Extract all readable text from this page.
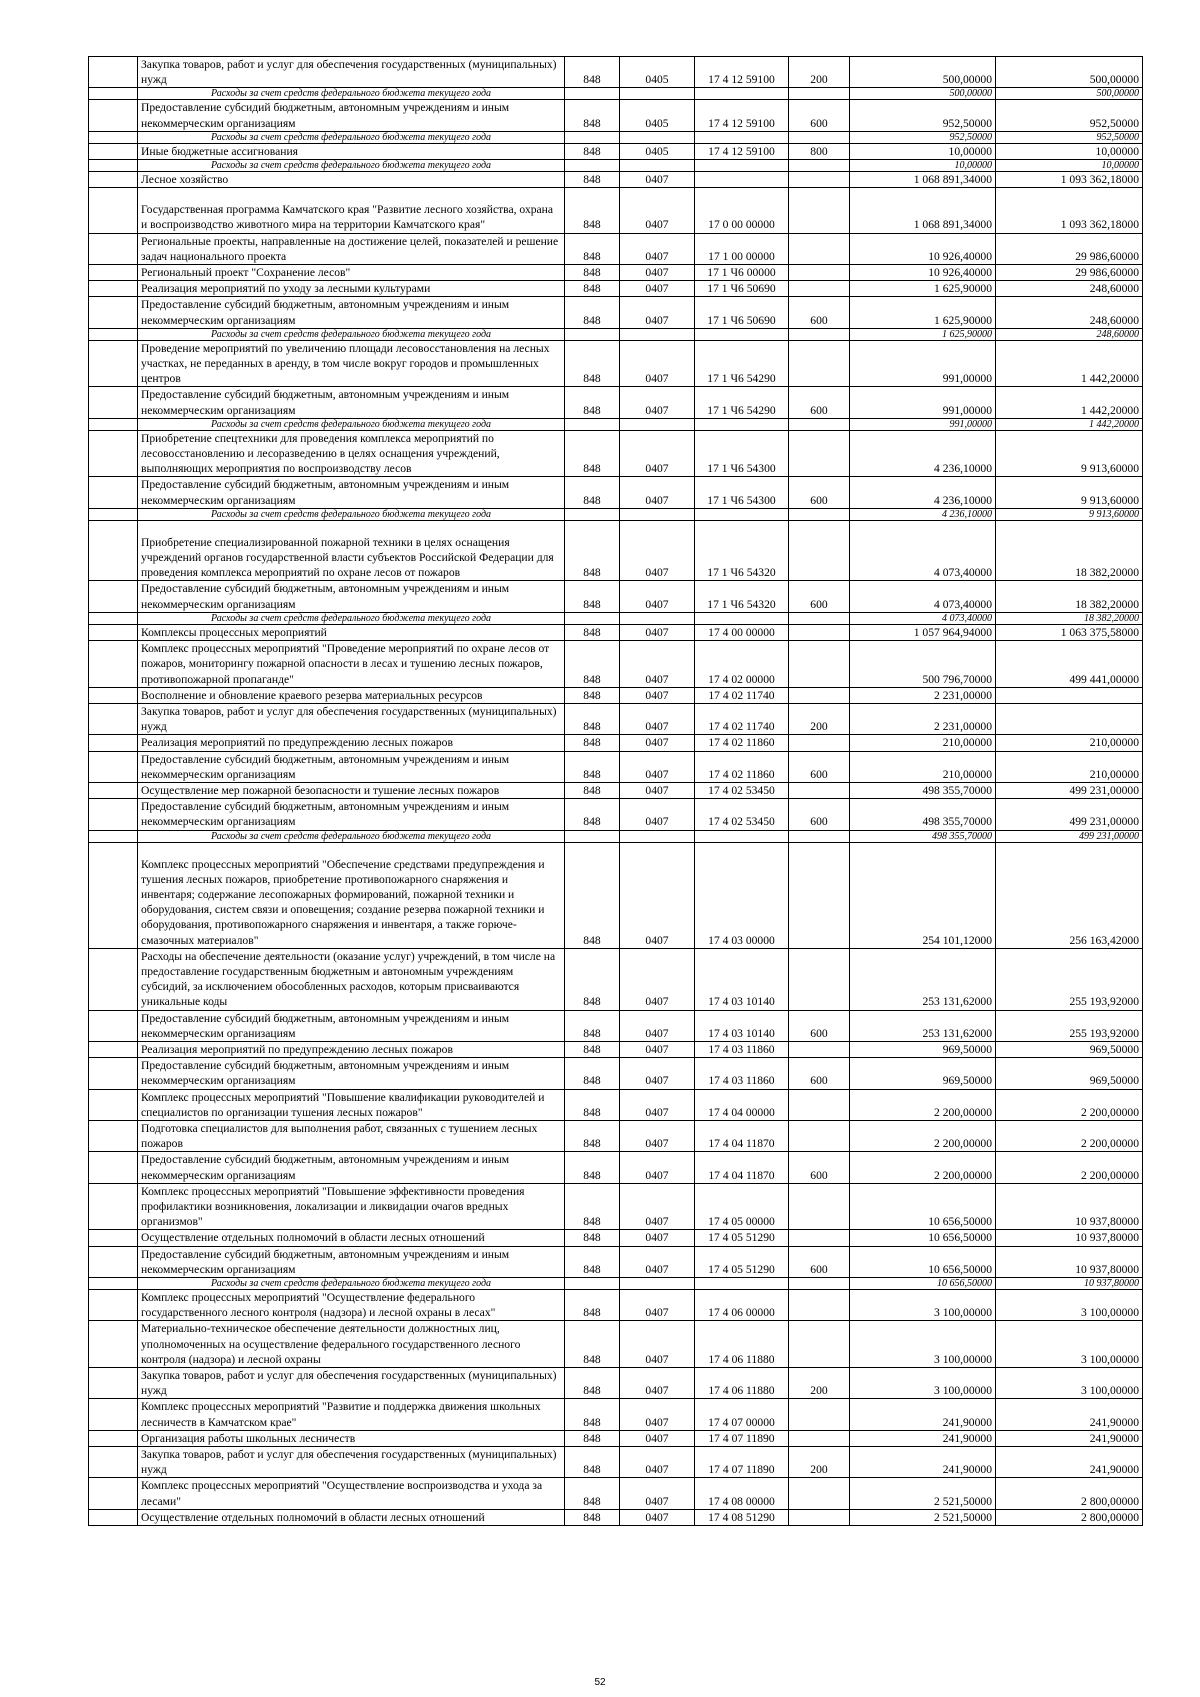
	Закупка товаров, работ и услуг для обеспечения государственных (муниципальных) нужд	848	0405	17 4 12 59100	200	500,00000	500,00000
	Расходы за счет средств федерального бюджета текущего года					500,00000	500,00000
	Предоставление субсидий бюджетным, автономным учреждениям и иным некоммерческим организациям	848	0405	17 4 12 59100	600	952,50000	952,50000
	Расходы за счет средств федерального бюджета текущего года					952,50000	952,50000
	Иные бюджетные ассигнования	848	0405	17 4 12 59100	800	10,00000	10,00000
	Расходы за счет средств федерального бюджета текущего года					10,00000	10,00000
	Лесное хозяйство	848	0407			1 068 891,34000	1 093 362,18000
	Государственная программа Камчатского края "Развитие лесного хозяйства, охрана и воспроизводство животного мира на территории Камчатского края"	848	0407	17 0 00 00000		1 068 891,34000	1 093 362,18000
	Региональные проекты, направленные на достижение целей, показателей и решение задач национального проекта	848	0407	17 1 00 00000		10 926,40000	29 986,60000
	Региональный проект "Сохранение лесов"	848	0407	17 1 Ч6 00000		10 926,40000	29 986,60000
	Реализация мероприятий по уходу за лесными культурами	848	0407	17 1 Ч6 50690		1 625,90000	248,60000
	Предоставление субсидий бюджетным, автономным учреждениям и иным некоммерческим организациям	848	0407	17 1 Ч6 50690	600	1 625,90000	248,60000
	Расходы за счет средств федерального бюджета текущего года					1 625,90000	248,60000
	Проведение мероприятий по увеличению площади лесовосстановления на лесных участках, не переданных в аренду, в том числе вокруг городов и промышленных центров	848	0407	17 1 Ч6 54290		991,00000	1 442,20000
	Предоставление субсидий бюджетным, автономным учреждениям и иным некоммерческим организациям	848	0407	17 1 Ч6 54290	600	991,00000	1 442,20000
	Расходы за счет средств федерального бюджета текущего года					991,00000	1 442,20000
	Приобретение спецтехники для проведения комплекса мероприятий по лесовосстановлению и лесоразведению в целях оснащения учреждений, выполняющих мероприятия по воспроизводству лесов	848	0407	17 1 Ч6 54300		4 236,10000	9 913,60000
	Предоставление субсидий бюджетным, автономным учреждениям и иным некоммерческим организациям	848	0407	17 1 Ч6 54300	600	4 236,10000	9 913,60000
	Расходы за счет средств федерального бюджета текущего года					4 236,10000	9 913,60000
	Приобретение специализированной пожарной техники в целях оснащения учреждений органов государственной власти субъектов Российской Федерации для проведения комплекса мероприятий по охране лесов от пожаров	848	0407	17 1 Ч6 54320		4 073,40000	18 382,20000
	Предоставление субсидий бюджетным, автономным учреждениям и иным некоммерческим организациям	848	0407	17 1 Ч6 54320	600	4 073,40000	18 382,20000
	Расходы за счет средств федерального бюджета текущего года					4 073,40000	18 382,20000
	Комплексы процессных мероприятий	848	0407	17 4 00 00000		1 057 964,94000	1 063 375,58000
	Комплекс процессных мероприятий "Проведение мероприятий по охране лесов от пожаров, мониторингу пожарной опасности в лесах и тушению лесных пожаров, противопожарной пропаганде"	848	0407	17 4 02 00000		500 796,70000	499 441,00000
	Восполнение и обновление краевого резерва материальных ресурсов	848	0407	17 4 02 11740		2 231,00000	
	Закупка товаров, работ и услуг для обеспечения государственных (муниципальных) нужд	848	0407	17 4 02 11740	200	2 231,00000	
	Реализация мероприятий по предупреждению лесных пожаров	848	0407	17 4 02 11860		210,00000	210,00000
	Предоставление субсидий бюджетным, автономным учреждениям и иным некоммерческим организациям	848	0407	17 4 02 11860	600	210,00000	210,00000
	Осуществление мер пожарной безопасности и тушение лесных пожаров	848	0407	17 4 02 53450		498 355,70000	499 231,00000
	Предоставление субсидий бюджетным, автономным учреждениям и иным некоммерческим организациям	848	0407	17 4 02 53450	600	498 355,70000	499 231,00000
	Расходы за счет средств федерального бюджета текущего года					498 355,70000	499 231,00000
	Комплекс процессных мероприятий "Обеспечение средствами предупреждения и тушения лесных пожаров, приобретение противопожарного снаряжения и инвентаря; содержание лесопожарных формирований, пожарной техники и оборудования, систем связи и оповещения; создание резерва пожарной техники и оборудования, противопожарного снаряжения и инвентаря, а также горюче-смазочных материалов"	848	0407	17 4 03 00000		254 101,12000	256 163,42000
	Расходы на обеспечение деятельности (оказание услуг) учреждений, в том числе на предоставление государственным бюджетным и автономным учреждениям субсидий, за исключением обособленных расходов, которым присваиваются уникальные коды	848	0407	17 4 03 10140		253 131,62000	255 193,92000
	Предоставление субсидий бюджетным, автономным учреждениям и иным некоммерческим организациям	848	0407	17 4 03 10140	600	253 131,62000	255 193,92000
	Реализация мероприятий по предупреждению лесных пожаров	848	0407	17 4 03 11860		969,50000	969,50000
	Предоставление субсидий бюджетным, автономным учреждениям и иным некоммерческим организациям	848	0407	17 4 03 11860	600	969,50000	969,50000
	Комплекс процессных мероприятий "Повышение квалификации руководителей и специалистов по организации тушения лесных пожаров"	848	0407	17 4 04 00000		2 200,00000	2 200,00000
	Подготовка специалистов для выполнения работ, связанных с тушением лесных пожаров	848	0407	17 4 04 11870		2 200,00000	2 200,00000
	Предоставление субсидий бюджетным, автономным учреждениям и иным некоммерческим организациям	848	0407	17 4 04 11870	600	2 200,00000	2 200,00000
	Комплекс процессных мероприятий "Повышение эффективности проведения профилактики возникновения, локализации и ликвидации очагов вредных организмов"	848	0407	17 4 05 00000		10 656,50000	10 937,80000
	Осуществление отдельных полномочий в области лесных отношений	848	0407	17 4 05 51290		10 656,50000	10 937,80000
	Предоставление субсидий бюджетным, автономным учреждениям и иным некоммерческим организациям	848	0407	17 4 05 51290	600	10 656,50000	10 937,80000
	Расходы за счет средств федерального бюджета текущего года					10 656,50000	10 937,80000
	Комплекс процессных мероприятий "Осуществление федерального государственного лесного контроля (надзора) и лесной охраны в лесах"	848	0407	17 4 06 00000		3 100,00000	3 100,00000
	Материально-техническое обеспечение деятельности должностных лиц, уполномоченных на осуществление федерального государственного лесного контроля (надзора) и лесной охраны	848	0407	17 4 06 11880		3 100,00000	3 100,00000
	Закупка товаров, работ и услуг для обеспечения государственных (муниципальных) нужд	848	0407	17 4 06 11880	200	3 100,00000	3 100,00000
	Комплекс процессных мероприятий "Развитие и поддержка движения школьных лесничеств в Камчатском крае"	848	0407	17 4 07 00000		241,90000	241,90000
	Организация работы школьных лесничеств	848	0407	17 4 07 11890		241,90000	241,90000
	Закупка товаров, работ и услуг для обеспечения государственных (муниципальных) нужд	848	0407	17 4 07 11890	200	241,90000	241,90000
	Комплекс процессных мероприятий "Осуществление воспроизводства и ухода за лесами"	848	0407	17 4 08 00000		2 521,50000	2 800,00000
	Осуществление отдельных полномочий в области лесных отношений	848	0407	17 4 08 51290		2 521,50000	2 800,00000
52
